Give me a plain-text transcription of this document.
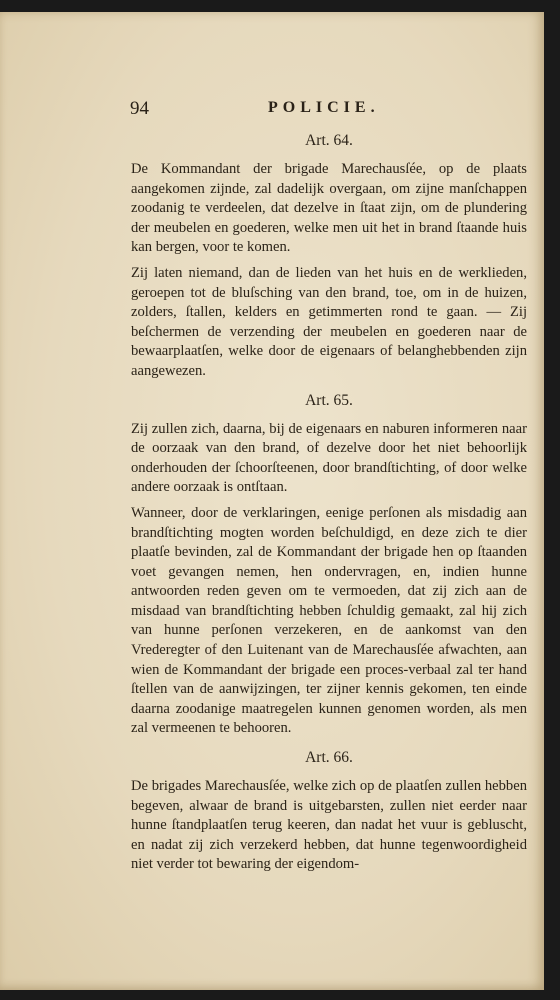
94	POLICIE.
Art. 64.

De Kommandant der brigade Marechausſée, op de plaats aangekomen zijnde, zal dadelijk overgaan, om zijne manſchappen zoodanig te verdeelen, dat dezelve in ſtaat zijn, om de plundering der meubelen en goederen, welke men uit het in brand ſtaande huis kan bergen, voor te komen.

Zij laten niemand, dan de lieden van het huis en de werklieden, geroepen tot de bluſsching van den brand, toe, om in de huizen, zolders, ſtallen, kelders en getimmerten rond te gaan. — Zij beſchermen de verzending der meubelen en goederen naar de bewaarplaatſen, welke door de eigenaars of belanghebbenden zijn aangewezen.

Art. 65.

Zij zullen zich, daarna, bij de eigenaars en naburen informeren naar de oorzaak van den brand, of dezelve door het niet behoorlijk onderhouden der ſchoorſteenen, door brandſtichting, of door welke andere oorzaak is ontſtaan.

Wanneer, door de verklaringen, eenige perſonen als misdadig aan brandſtichting mogten worden beſchuldigd, en deze zich te dier plaatſe bevinden, zal de Kommandant der brigade hen op ſtaanden voet gevangen nemen, hen ondervragen, en, indien hunne antwoorden reden geven om te vermoeden, dat zij zich aan de misdaad van brandſtichting hebben ſchuldig gemaakt, zal hij zich van hunne perſonen verzekeren, en de aankomst van den Vrederegter of den Luitenant van de Marechausſée afwachten, aan wien de Kommandant der brigade een proces-verbaal zal ter hand ſtellen van de aanwijzingen, ter zijner kennis gekomen, ten einde daarna zoodanige maatregelen kunnen genomen worden, als men zal vermeenen te behooren.

Art. 66.

De brigades Marechausſée, welke zich op de plaatſen zullen hebben begeven, alwaar de brand is uitgebarsten, zullen niet eerder naar hunne ſtandplaatſen terug keeren, dan nadat het vuur is gebluscht, en nadat zij zich verzekerd hebben, dat hunne tegenwoordigheid niet verder tot bewaring der eigendom-
